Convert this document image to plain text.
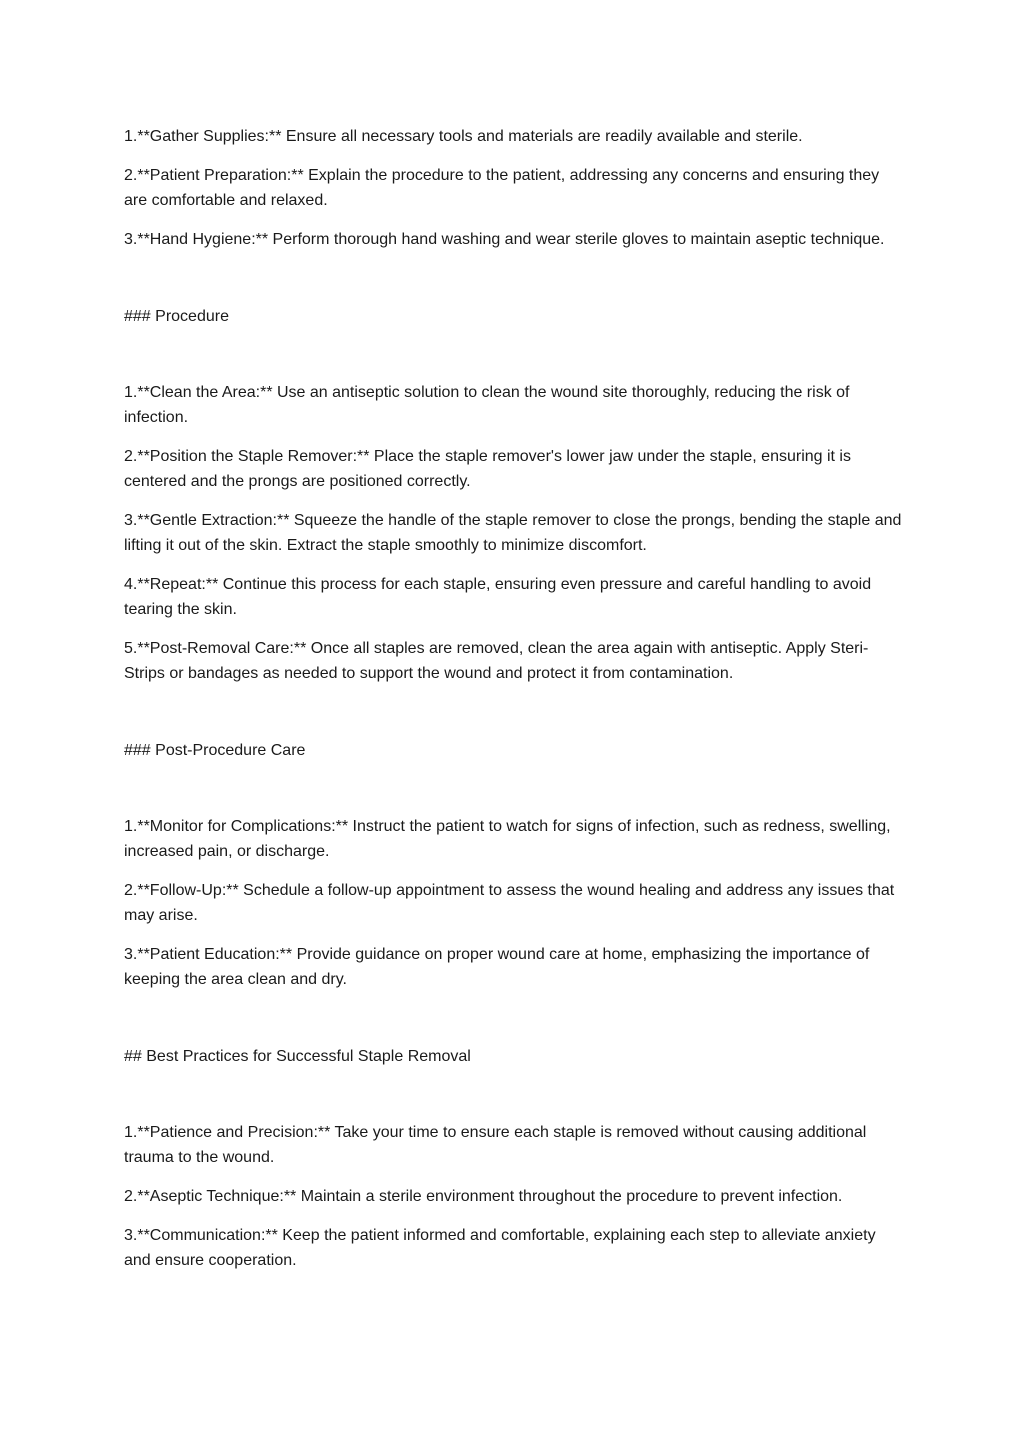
1.**Gather Supplies:** Ensure all necessary tools and materials are readily available and sterile.

2.**Patient Preparation:** Explain the procedure to the patient, addressing any concerns and ensuring they are comfortable and relaxed.

3.**Hand Hygiene:** Perform thorough hand washing and wear sterile gloves to maintain aseptic technique.

### Procedure

1.**Clean the Area:** Use an antiseptic solution to clean the wound site thoroughly, reducing the risk of infection.

2.**Position the Staple Remover:** Place the staple remover's lower jaw under the staple, ensuring it is centered and the prongs are positioned correctly.

3.**Gentle Extraction:** Squeeze the handle of the staple remover to close the prongs, bending the staple and lifting it out of the skin. Extract the staple smoothly to minimize discomfort.

4.**Repeat:** Continue this process for each staple, ensuring even pressure and careful handling to avoid tearing the skin.

5.**Post-Removal Care:** Once all staples are removed, clean the area again with antiseptic. Apply Steri-Strips or bandages as needed to support the wound and protect it from contamination.

### Post-Procedure Care

1.**Monitor for Complications:** Instruct the patient to watch for signs of infection, such as redness, swelling, increased pain, or discharge.

2.**Follow-Up:** Schedule a follow-up appointment to assess the wound healing and address any issues that may arise.

3.**Patient Education:** Provide guidance on proper wound care at home, emphasizing the importance of keeping the area clean and dry.

## Best Practices for Successful Staple Removal

1.**Patience and Precision:** Take your time to ensure each staple is removed without causing additional trauma to the wound.

2.**Aseptic Technique:** Maintain a sterile environment throughout the procedure to prevent infection.

3.**Communication:** Keep the patient informed and comfortable, explaining each step to alleviate anxiety and ensure cooperation.
